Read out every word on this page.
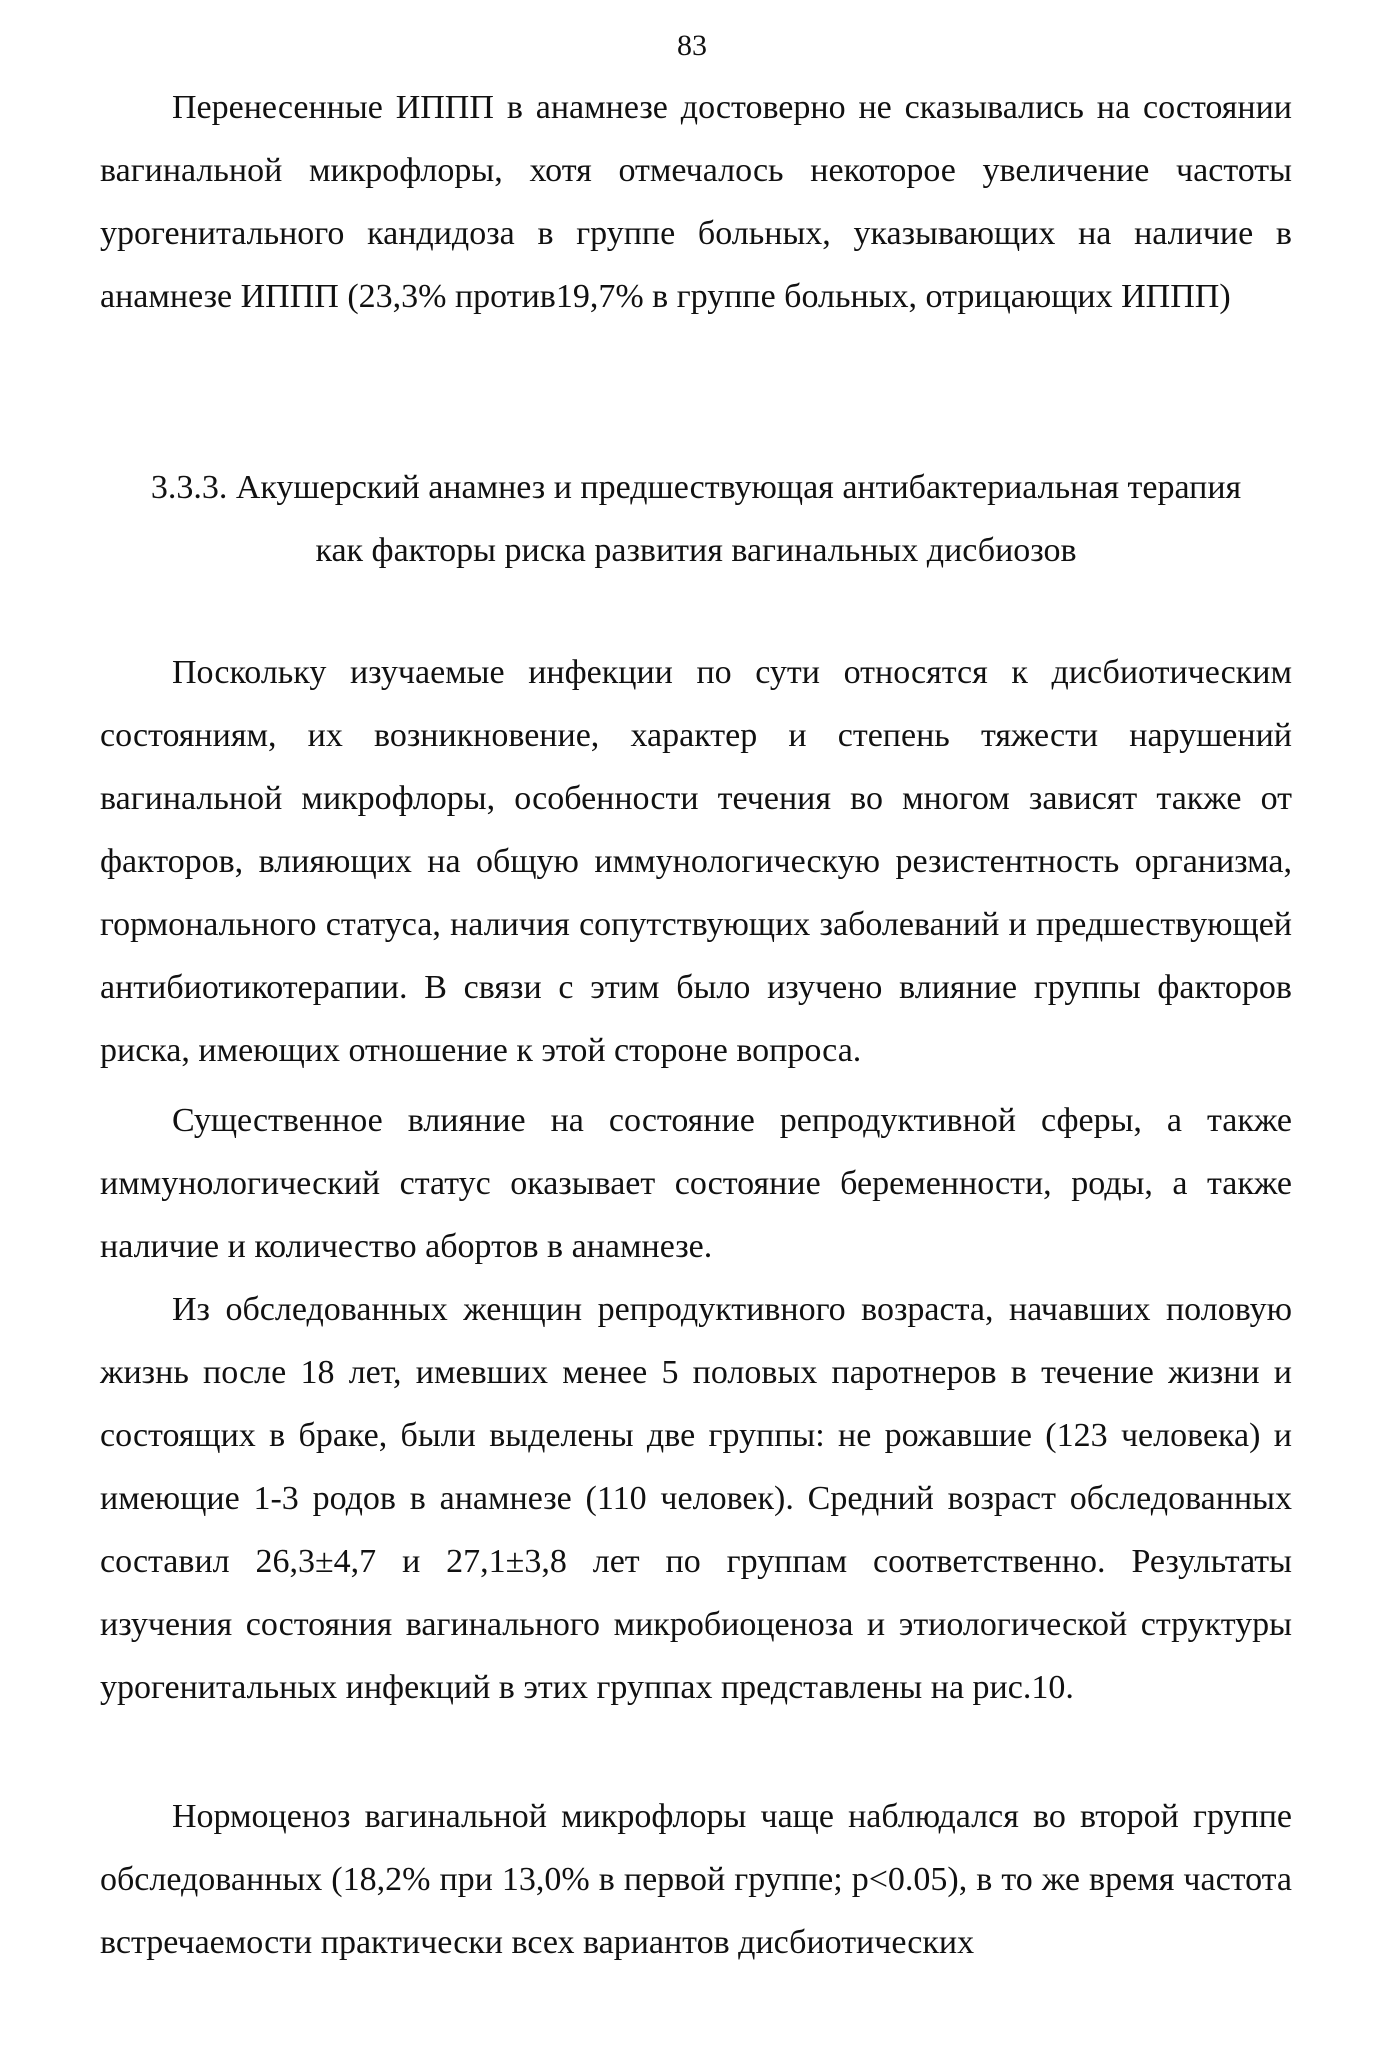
83

Перенесенные ИППП в анамнезе достоверно не сказывались на состоянии вагинальной микрофлоры, хотя отмечалось некоторое увеличение частоты урогенитального кандидоза в группе больных, указывающих на наличие в анамнезе ИППП (23,3% против19,7% в группе больных, отрицающих ИППП)

3.3.3. Акушерский анамнез и предшествующая антибактериальная терапия
как факторы риска развития вагинальных дисбиозов

Поскольку изучаемые инфекции по сути относятся к дисбиотическим состояниям, их возникновение, характер и степень тяжести нарушений вагинальной микрофлоры, особенности течения во многом зависят также от факторов, влияющих на общую иммунологическую резистентность организма, гормонального статуса, наличия сопутствующих заболеваний и предшествующей антибиотикотерапии. В связи с этим было изучено влияние группы факторов риска, имеющих отношение к этой стороне вопроса.

Существенное влияние на состояние репродуктивной сферы, а также иммунологический статус оказывает состояние беременности, роды, а также наличие и количество абортов в анамнезе.

Из обследованных женщин репродуктивного возраста, начавших половую жизнь после 18 лет, имевших менее 5 половых паротнеров в течение жизни и состоящих в браке, были выделены две группы: не рожавшие (123 человека) и имеющие 1-3 родов в анамнезе (110 человек). Средний возраст обследованных составил 26,3±4,7 и 27,1±3,8 лет по группам соответственно. Результаты изучения состояния вагинального микробиоценоза и этиологической структуры урогенитальных инфекций в этих группах представлены на рис.10.

Нормоценоз вагинальной микрофлоры чаще наблюдался во второй группе обследованных (18,2% при 13,0% в первой группе; p<0.05), в то же время частота встречаемости практически всех вариантов дисбиотических
